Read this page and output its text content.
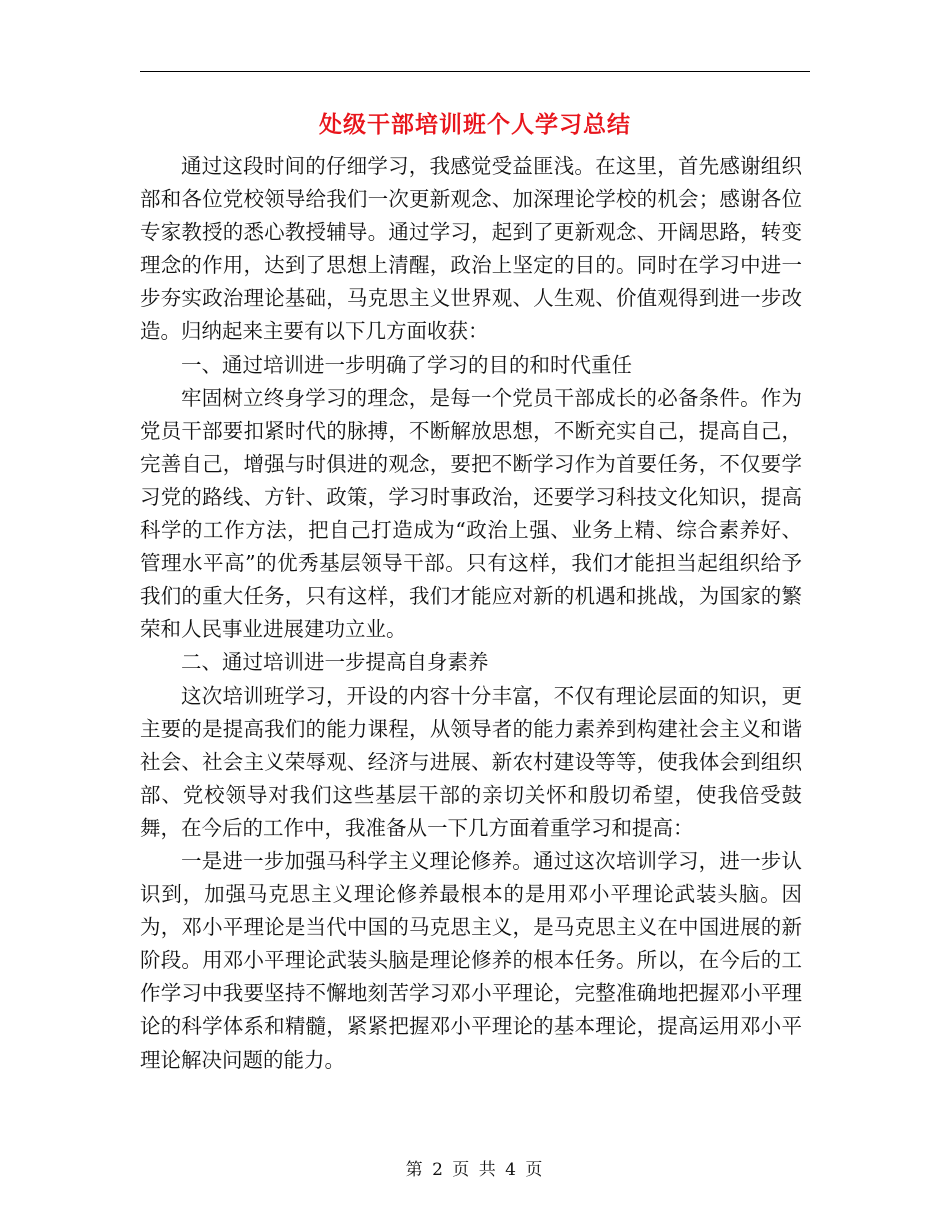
处级干部培训班个人学习总结

通过这段时间的仔细学习，我感觉受益匪浅。在这里，首先感谢组织部和各位党校领导给我们一次更新观念、加深理论学校的机会；感谢各位专家教授的悉心教授辅导。通过学习，起到了更新观念、开阔思路，转变理念的作用，达到了思想上清醒，政治上坚定的目的。同时在学习中进一步夯实政治理论基础，马克思主义世界观、人生观、价值观得到进一步改造。归纳起来主要有以下几方面收获：

一、通过培训进一步明确了学习的目的和时代重任

牢固树立终身学习的理念，是每一个党员干部成长的必备条件。作为党员干部要扣紧时代的脉搏，不断解放思想，不断充实自己，提高自己，完善自己，增强与时俱进的观念，要把不断学习作为首要任务，不仅要学习党的路线、方针、政策，学习时事政治，还要学习科技文化知识，提高科学的工作方法，把自己打造成为“政治上强、业务上精、综合素养好、管理水平高”的优秀基层领导干部。只有这样，我们才能担当起组织给予我们的重大任务，只有这样，我们才能应对新的机遇和挑战，为国家的繁荣和人民事业进展建功立业。

二、通过培训进一步提高自身素养

这次培训班学习，开设的内容十分丰富，不仅有理论层面的知识，更主要的是提高我们的能力课程，从领导者的能力素养到构建社会主义和谐社会、社会主义荣辱观、经济与进展、新农村建设等等，使我体会到组织部、党校领导对我们这些基层干部的亲切关怀和殷切希望，使我倍受鼓舞，在今后的工作中，我准备从一下几方面着重学习和提高：

一是进一步加强马科学主义理论修养。通过这次培训学习，进一步认识到，加强马克思主义理论修养最根本的是用邓小平理论武装头脑。因为，邓小平理论是当代中国的马克思主义，是马克思主义在中国进展的新阶段。用邓小平理论武装头脑是理论修养的根本任务。所以，在今后的工作学习中我要坚持不懈地刻苦学习邓小平理论，完整准确地把握邓小平理论的科学体系和精髓，紧紧把握邓小平理论的基本理论，提高运用邓小平理论解决问题的能力。

第 2 页 共 4 页
